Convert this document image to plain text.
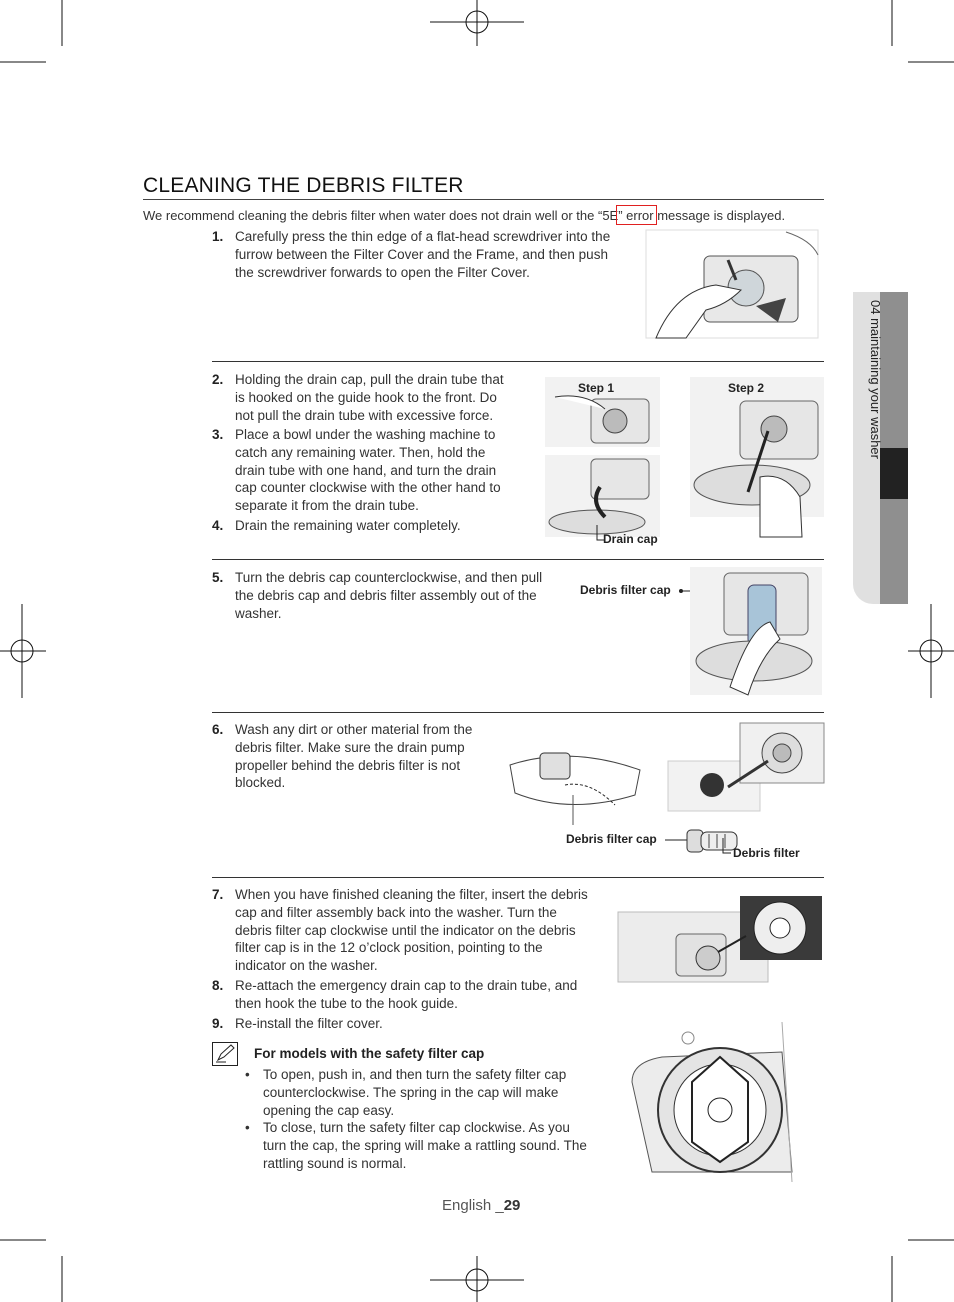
04 maintaining your washer
CLEANING THE DEBRIS FILTER
We recommend cleaning the debris filter when water does not drain well or the “5E” error message is displayed.
1. Carefully press the thin edge of a flat-head screwdriver into the
furrow between the Filter Cover and the Frame, and then push
the screwdriver forwards to open the Filter Cover.
2. Holding the drain cap, pull the drain tube that
is hooked on the guide hook to the front. Do
not pull the drain tube with excessive force.
3. Place a bowl under the washing machine to
catch any remaining water. Then, hold the
drain tube with one hand, and turn the drain
cap counter clockwise with the other hand to
separate it from the drain tube.
4. Drain the remaining water completely.
Step 1	Step 2
Drain cap
5. Turn the debris cap counterclockwise, and then pull
the debris cap and debris filter assembly out of the
washer.
Debris filter cap
6. Wash any dirt or other material from the
debris filter. Make sure the drain pump
propeller behind the debris filter is not
blocked.
Debris filter cap
Debris filter
7. When you have finished cleaning the filter, insert the debris
cap and filter assembly back into the washer. Turn the
debris filter cap clockwise until the indicator on the debris
filter cap is in the 12 o’clock position, pointing to the
indicator on the washer.
8. Re-attach the emergency drain cap to the drain tube, and
then hook the tube to the hook guide.
9. Re-install the filter cover.
For models with the safety filter cap
• To open, push in, and then turn the safety filter cap
counterclockwise. The spring in the cap will make
opening the cap easy.
• To close, turn the safety filter cap clockwise. As you
turn the cap, the spring will make a rattling sound. The
rattling sound is normal.
English _29
